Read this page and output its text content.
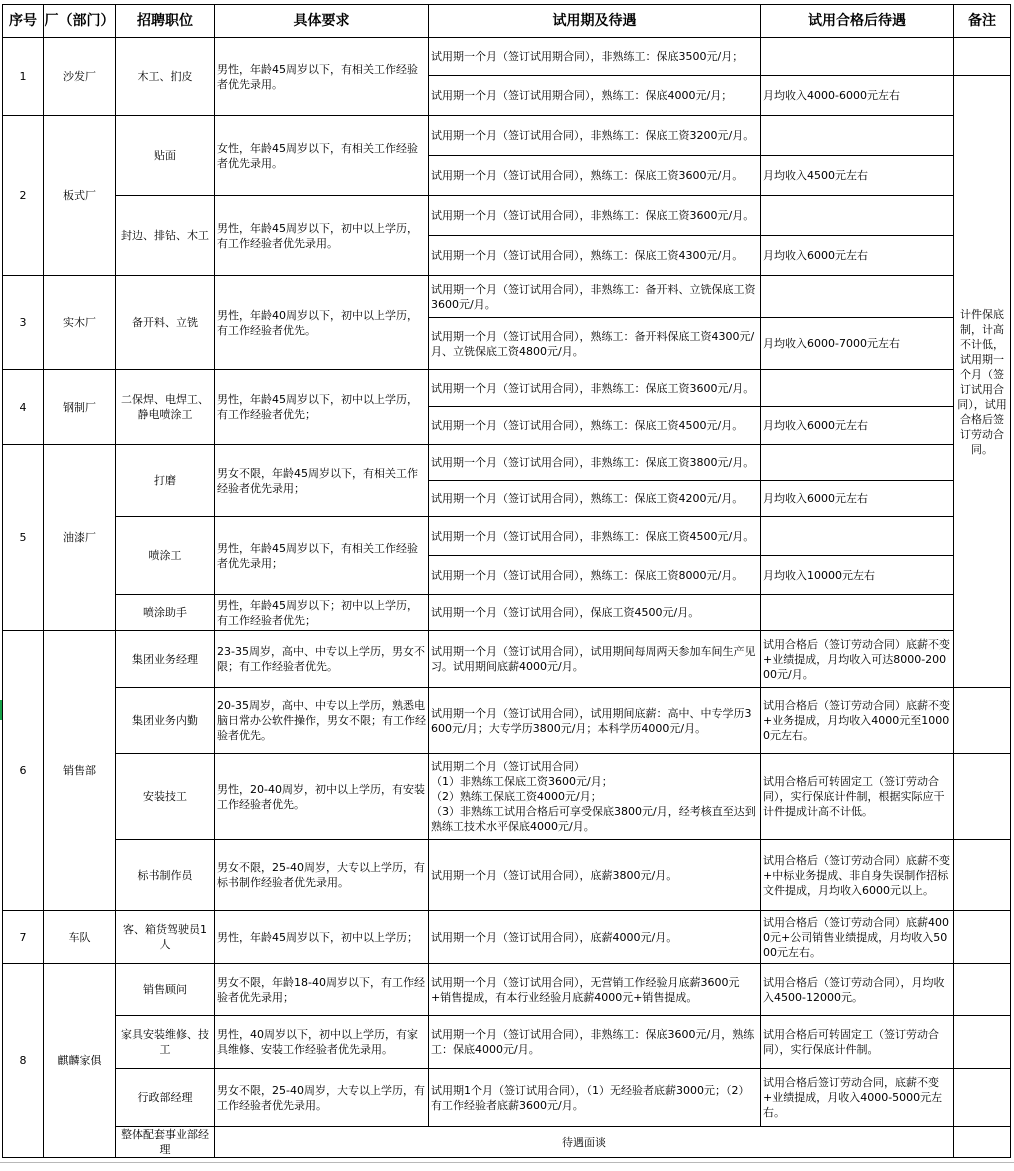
序号	厂（部门）	招聘职位	具体要求	试用期及待遇	试用合格后待遇	备注	
1	沙发厂	木工、扪皮	男性，年龄45周岁以下，有相关工作经验者优先录用。	试用期一个月（签订试用期合同），非熟练工：保底3500元/月；			
				试用期一个月（签订试用期合同），熟练工：保底4000元/月；	月均收入4000-6000元左右	计件保底制，计高不计低，试用期一个月（签订试用合同），试用合格后签订劳动合同。	
2	板式厂	贴面	女性，年龄45周岁以下，有相关工作经验者优先录用。	试用期一个月（签订试用合同），非熟练工：保底工资3200元/月。			
				试用期一个月（签订试用合同），熟练工：保底工资3600元/月。	月均收入4500元左右		
		封边、排钻、木工	男性，年龄45周岁以下，初中以上学历，有工作经验者优先录用。	试用期一个月（签订试用合同），非熟练工：保底工资3600元/月。			
				试用期一个月（签订试用合同），熟练工：保底工资4300元/月。	月均收入6000元左右		
3	实木厂	备开料、立铣	男性，年龄40周岁以下，初中以上学历，有工作经验者优先。	试用期一个月（签订试用合同），非熟练工：备开料、立铣保底工资3600元/月。			
				试用期一个月（签订试用合同），熟练工：备开料保底工资4300元/月、立铣保底工资4800元/月。	月均收入6000-7000元左右		
4	钢制厂	二保焊、电焊工、静电喷涂工	男性，年龄45周岁以下，初中以上学历，有工作经验者优先；	试用期一个月（签订试用合同），非熟练工：保底工资3600元/月。			
				试用期一个月（签订试用合同），熟练工：保底工资4500元/月。	月均收入6000元左右		
5	油漆厂	打磨	男女不限，年龄45周岁以下，有相关工作经验者优先录用；	试用期一个月（签订试用合同），非熟练工：保底工资3800元/月。			
				试用期一个月（签订试用合同），熟练工：保底工资4200元/月。	月均收入6000元左右		
		喷涂工	男性，年龄45周岁以下，有相关工作经验者优先录用；	试用期一个月（签订试用合同），非熟练工：保底工资4500元/月。			
				试用期一个月（签订试用合同），熟练工：保底工资8000元/月。	月均收入10000元左右		
		喷涂助手	男性，年龄45周岁以下；初中以上学历，有工作经验者优先；	试用期一个月（签订试用合同），保底工资4500元/月。			
6	销售部	集团业务经理	23-35周岁，高中、中专以上学历，男女不限；有工作经验者优先。	试用期一个月（签订试用合同），试用期间每周两天参加车间生产见习。试用期间底薪4000元/月。	试用合格后（签订劳动合同）底薪不变+业绩提成，月均收入可达8000-20000元/月。		
		集团业务内勤	20-35周岁，高中、中专以上学历，熟悉电脑日常办公软件操作，男女不限；有工作经验者优先。	试用期一个月（签订试用合同），试用期间底薪：高中、中专学历3600元/月；大专学历3800元/月；本科学历4000元/月。	试用合格后（签订劳动合同）底薪不变+业务提成，月均收入4000元至10000元左右。		
		安装技工	男性，20-40周岁，初中以上学历，有安装工作经验者优先。	试用期二个月（签订试用合同）
（1）非熟练工保底工资3600元/月；
（2）熟练工保底工资4000元/月；
（3）非熟练工试用合格后可享受保底3800元/月，经考核直至达到熟练工技术水平保底4000元/月。	试用合格后可转固定工（签订劳动合同），实行保底计件制，根据实际应干计件提成计高不计低。		
		标书制作员	男女不限，25-40周岁，大专以上学历，有标书制作经验者优先录用。	试用期一个月（签订试用合同），底薪3800元/月。	试用合格后（签订劳动合同）底薪不变+中标业务提成、非自身失误制作招标文件提成，月均收入6000元以上。		
7	车队	客、箱货驾驶员1人	男性，年龄45周岁以下，初中以上学历；	试用期一个月（签订试用合同），底薪4000元/月。	试用合格后（签订劳动合同）底薪4000元+公司销售业绩提成，月均收入5000元左右。		
8	麒麟家俱	销售顾问	男女不限，年龄18-40周岁以下，有工作经验者优先录用；	试用期一个月（签订试用合同），无营销工作经验月底薪3600元+销售提成，有本行业经验月底薪4000元+销售提成。	试用合格后（签订劳动合同），月均收入4500-12000元。		
		家具安装维修、技工	男性，40周岁以下，初中以上学历，有家具维修、安装工作经验者优先录用。	试用期一个月（签订试用合同），非熟练工：保底3600元/月，熟练工：保底4000元/月。	试用合格后可转固定工（签订劳动合同），实行保底计件制。		
		行政部经理	男女不限，25-40周岁，大专以上学历，有工作经验者优先录用。	试用期1个月（签订试用合同），（1）无经验者底薪3000元；（2）有工作经验者底薪3600元/月。	试用合格后签订劳动合同，底薪不变+业绩提成，月收入4000-5000元左右。		
		整体配套事业部经理	待遇面谈				
